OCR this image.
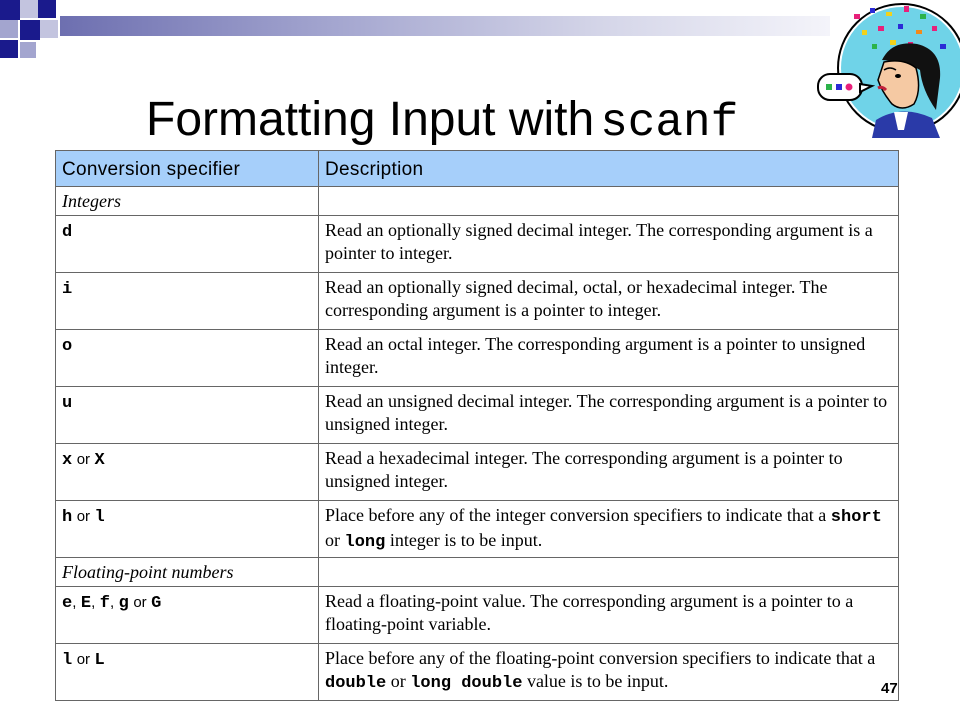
Formatting Input with scanf
Conversion specifier	Description
Integers	
d	Read an optionally signed decimal integer. The corresponding argument is a pointer to integer.
i	Read an optionally signed decimal, octal, or hexadecimal integer. The corresponding argument is a pointer to integer.
o	Read an octal integer. The corresponding argument is a pointer to unsigned integer.
u	Read an unsigned decimal integer. The corresponding argument is a pointer to unsigned integer.
x or X	Read a hexadecimal integer. The corresponding argument is a pointer to unsigned integer.
h or l	Place before any of the integer conversion specifiers to indicate that a short or long integer is to be input.
Floating-point numbers	
e, E, f, g or G	Read a floating-point value. The corresponding argument is a pointer to a floating-point variable.
l or L	Place before any of the floating-point conversion specifiers to indicate that a double or long double value is to be input.	47
